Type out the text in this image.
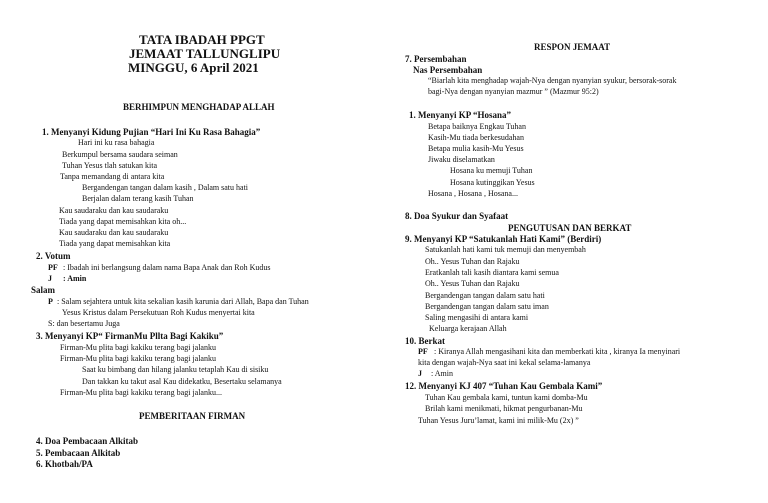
TATA IBADAH PPGT
JEMAAT TALLUNGLIPU
MINGGU, 6 April 2021
BERHIMPUN MENGHADAP ALLAH
1. Menyanyi Kidung Pujian “Hari Ini Ku Rasa Bahagia”
Hari ini ku rasa bahagia
Berkumpul bersama saudara seiman
Tuhan Yesus tlah satukan kita
Tanpa memandang di antara kita
Bergandengan tangan dalam kasih , Dalam satu hati
Berjalan dalam terang kasih Tuhan
Kau saudaraku dan kau saudaraku
Tiada yang dapat memisahkan kita oh...
Kau saudaraku dan kau saudaraku
Tiada yang dapat memisahkan kita
2. Votum
PF : Ibadah ini berlangsung dalam nama Bapa Anak dan Roh Kudus
J : Amin
Salam
P : Salam sejahtera untuk kita sekalian kasih karunia dari Allah, Bapa dan Tuhan
Yesus Kristus dalam Persekutuan Roh Kudus menyertai kita
S: dan besertamu Juga
3. Menyanyi KP“ FirmanMu Pllta Bagi Kakiku”
Firman-Mu plita bagi kakiku terang bagi jalanku
Firman-Mu plita bagi kakiku terang bagi jalanku
Saat ku bimbang dan hilang jalanku tetaplah Kau di sisiku
Dan takkan ku takut asal Kau didekatku, Besertaku selamanya
Firman-Mu plita bagi kakiku terang bagi jalanku...
PEMBERITAAN FIRMAN
4. Doa Pembacaan Alkitab
5. Pembacaan Alkitab
6. Khotbah/PA
RESPON JEMAAT
7. Persembahan
Nas Persembahan
“Biarlah kita menghadap wajah-Nya dengan nyanyian syukur, bersorak-sorak
bagi-Nya dengan nyanyian mazmur ” (Mazmur 95:2)
1. Menyanyi KP “Hosana”
Betapa baiknya Engkau Tuhan
Kasih-Mu tiada berkesudahan
Betapa mulia kasih-Mu Yesus
Jiwaku diselamatkan
Hosana ku memuji Tuhan
Hosana kutinggikan Yesus
Hosana , Hosana , Hosana...
8. Doa Syukur dan Syafaat
PENGUTUSAN DAN BERKAT
9. Menyanyi KP “Satukanlah Hati Kami” (Berdiri)
Satukanlah hati kami tuk memuji dan menyembah
Oh.. Yesus Tuhan dan Rajaku
Eratkanlah tali kasih diantara kami semua
Oh.. Yesus Tuhan dan Rajaku
Bergandengan tangan dalam satu hati
Bergandengan tangan dalam satu iman
Saling mengasihi di antara kami
Keluarga kerajaan Allah
10. Berkat
PF : Kiranya Allah mengasihani kita dan memberkati kita , kiranya Ia menyinari
kita dengan wajah-Nya saat ini kekal selama-lamanya
J : Amin
12. Menyanyi KJ 407 “Tuhan Kau Gembala Kami”
Tuhan Kau gembala kami, tuntun kami domba-Mu
Brilah kami menikmati, hikmat pengurbanan-Mu
Tuhan Yesus Juru’lamat, kami ini milik-Mu (2x) ”
